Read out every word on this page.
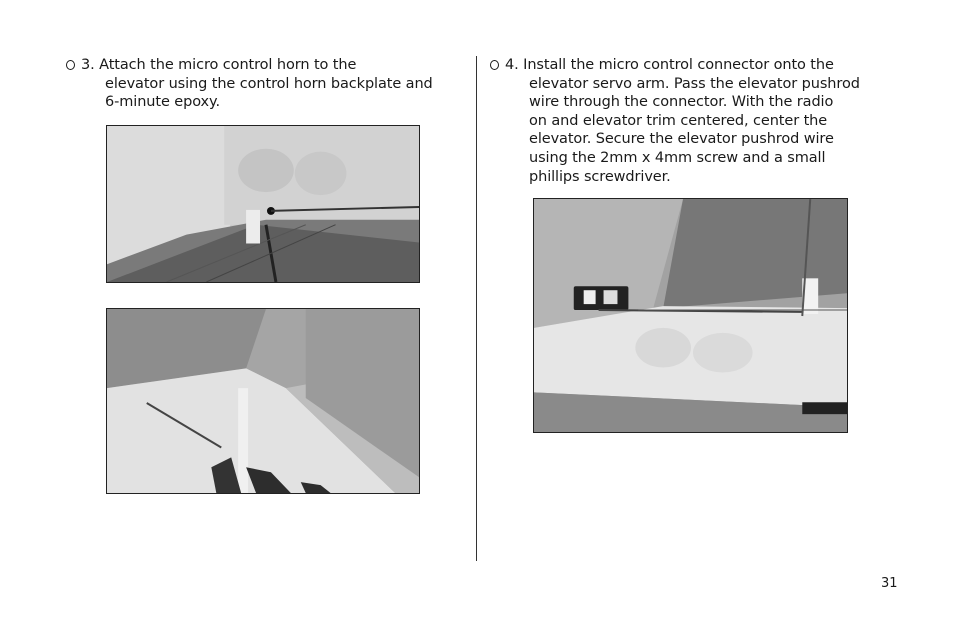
3. Attach the micro control horn to the
elevator using the control horn backplate and
6-minute epoxy.
4. Install the micro control connector onto the
elevator servo arm. Pass the elevator pushrod
wire through the connector. With the radio
on and elevator trim centered, center the
elevator. Secure the elevator pushrod wire
using the 2mm x 4mm screw and a small
phillips screwdriver.
31
